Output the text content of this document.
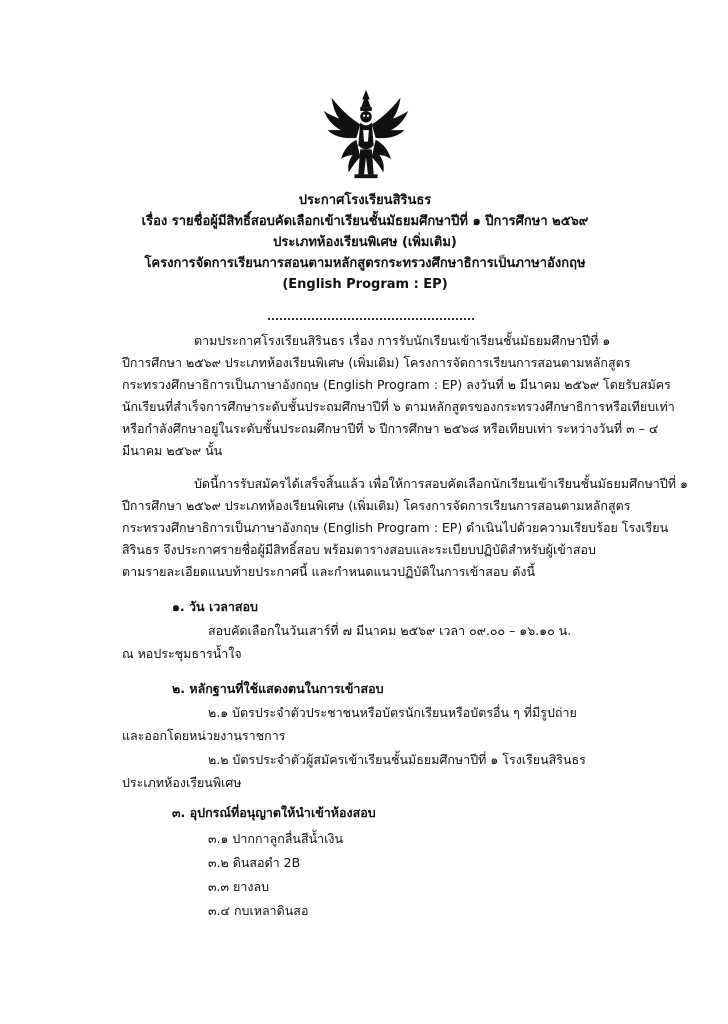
ประกาศโรงเรียนสิรินธร
เรื่อง รายชื่อผู้มีสิทธิ์สอบคัดเลือกเข้าเรียนชั้นมัธยมศึกษาปีที่ ๑ ปีการศึกษา ๒๕๖๙
ประเภทห้องเรียนพิเศษ (เพิ่มเติม)
โครงการจัดการเรียนการสอนตามหลักสูตรกระทรวงศึกษาธิการเป็นภาษาอังกฤษ
(English Program : EP)
ตามประกาศโรงเรียนสิรินธร เรื่อง การรับนักเรียนเข้าเรียนชั้นมัธยมศึกษาปีที่ ๑
ปีการศึกษา ๒๕๖๙ ประเภทห้องเรียนพิเศษ (เพิ่มเติม) โครงการจัดการเรียนการสอนตามหลักสูตร
กระทรวงศึกษาธิการเป็นภาษาอังกฤษ (English Program : EP) ลงวันที่ ๒ มีนาคม ๒๕๖๙ โดยรับสมัคร
นักเรียนที่สำเร็จการศึกษาระดับชั้นประถมศึกษาปีที่ ๖ ตามหลักสูตรของกระทรวงศึกษาธิการหรือเทียบเท่า
หรือกำลังศึกษาอยู่ในระดับชั้นประถมศึกษาปีที่ ๖ ปีการศึกษา ๒๕๖๘ หรือเทียบเท่า ระหว่างวันที่ ๓ – ๔
มีนาคม ๒๕๖๙ นั้น
บัดนี้การรับสมัครได้เสร็จสิ้นแล้ว เพื่อให้การสอบคัดเลือกนักเรียนเข้าเรียนชั้นมัธยมศึกษาปีที่ ๑
ปีการศึกษา ๒๕๖๙ ประเภทห้องเรียนพิเศษ (เพิ่มเติม) โครงการจัดการเรียนการสอนตามหลักสูตร
กระทรวงศึกษาธิการเป็นภาษาอังกฤษ (English Program : EP) ดำเนินไปด้วยความเรียบร้อย โรงเรียน
สิรินธร จึงประกาศรายชื่อผู้มีสิทธิ์สอบ พร้อมตารางสอบและระเบียบปฏิบัติสำหรับผู้เข้าสอบ
ตามรายละเอียดแนบท้ายประกาศนี้ และกำหนดแนวปฏิบัติในการเข้าสอบ ดังนี้
๑. วัน เวลาสอบ
สอบคัดเลือกในวันเสาร์ที่ ๗ มีนาคม ๒๕๖๙ เวลา ๐๙.๐๐ – ๑๖.๑๐ น.
ณ หอประชุมธารน้ำใจ
๒. หลักฐานที่ใช้แสดงตนในการเข้าสอบ
๒.๑ บัตรประจำตัวประชาชนหรือบัตรนักเรียนหรือบัตรอื่น ๆ ที่มีรูปถ่าย
และออกโดยหน่วยงานราชการ
๒.๒ บัตรประจำตัวผู้สมัครเข้าเรียนชั้นมัธยมศึกษาปีที่ ๑ โรงเรียนสิรินธร
ประเภทห้องเรียนพิเศษ
๓. อุปกรณ์ที่อนุญาตให้นำเข้าห้องสอบ
๓.๑ ปากกาลูกลื่นสีน้ำเงิน
๓.๒ ดินสอดำ 2B
๓.๓ ยางลบ
๓.๔ กบเหลาดินสอ
